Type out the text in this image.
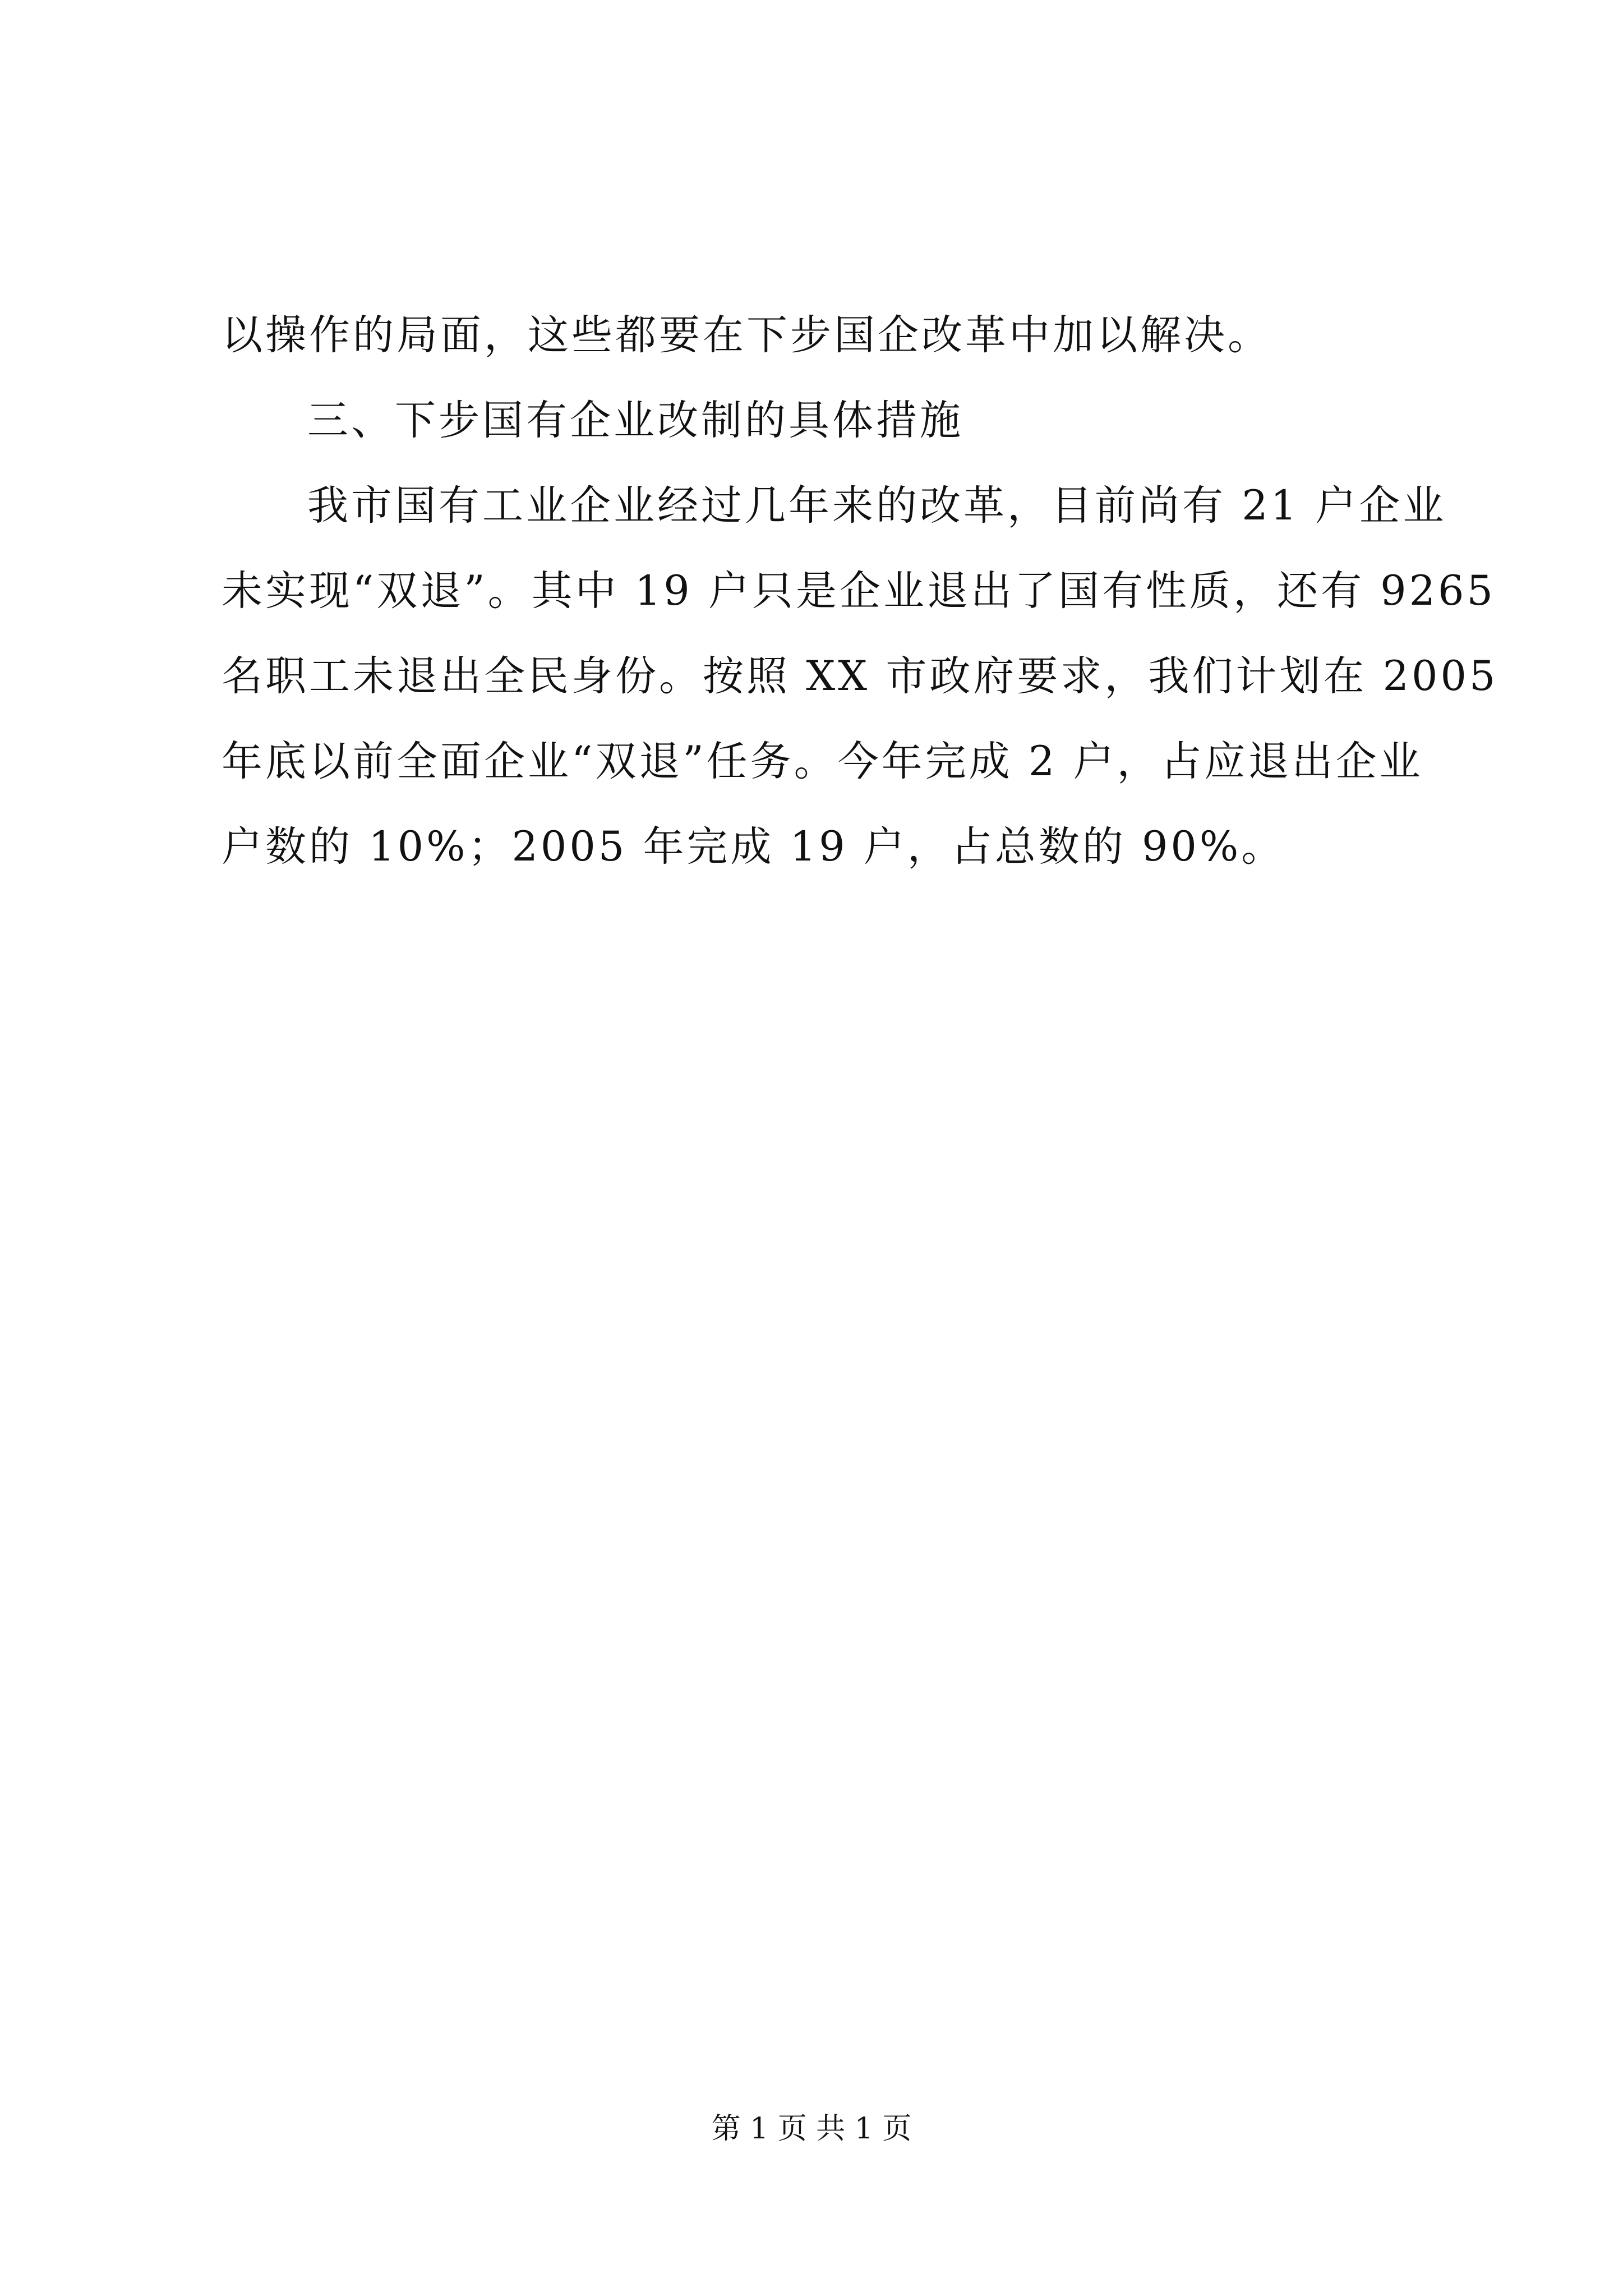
以操作的局面，这些都要在下步国企改革中加以解决。
三、下步国有企业改制的具体措施
我市国有工业企业经过几年来的改革，目前尚有 21 户企业
未实现“双退”。其中 19 户只是企业退出了国有性质，还有 9265
名职工未退出全民身份。按照 XX 市政府要求，我们计划在 2005
年底以前全面企业“双退”任务。今年完成 2 户，占应退出企业
户数的 10%；2005 年完成 19 户，占总数的 90%。
第 1 页 共 1 页
